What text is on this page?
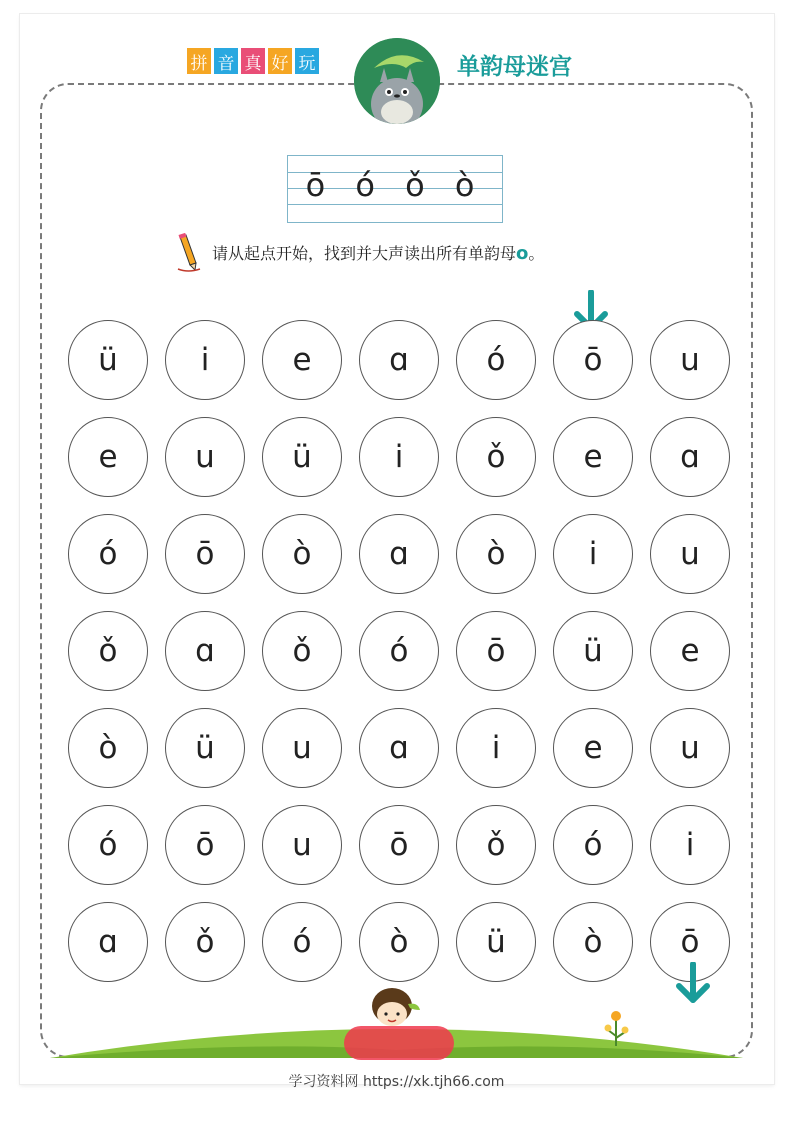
拼 音 真 好 玩	单韵母迷宫
ō ó ǒ ò
请从起点开始，找到并大声读出所有单韵母o。
ü	i	e	ɑ	ó	ō	u
e	u	ü	i	ǒ	e	ɑ
ó	ō	ò	ɑ	ò	i	u
ǒ	ɑ	ǒ	ó	ō	ü	e
ò	ü	u	ɑ	i	e	u
ó	ō	u	ō	ǒ	ó	i
ɑ	ǒ	ó	ò	ü	ò	ō
学习资料网 https://xk.tjh66.com
